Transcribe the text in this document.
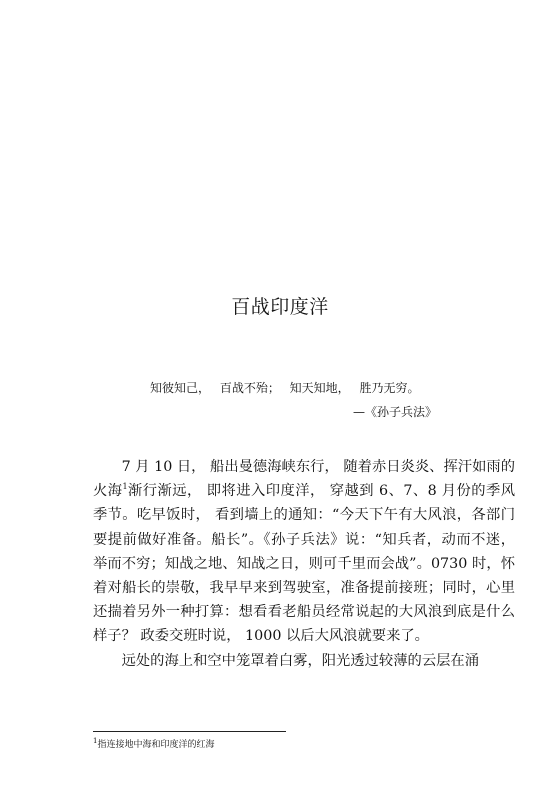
百战印度洋
知彼知己， 百战不殆； 知天知地， 胜乃无穷。
—《孙子兵法》

7 月 10 日， 船出曼德海峡东行， 随着赤日炎炎、挥汗如雨的火海$^1$渐行渐远， 即将进入印度洋， 穿越到 6、7、8 月份的季风季节。吃早饭时， 看到墙上的通知：“今天下午有大风浪，各部门要提前做好准备。船长”。《孙子兵法》说：“知兵者，动而不迷，举而不穷；知战之地、知战之日，则可千里而会战”。0730 时，怀着对船长的崇敬，我早早来到驾驶室，准备提前接班；同时，心里还揣着另外一种打算：想看看老船员经常说起的大风浪到底是什么样子？ 政委交班时说， 1000 以后大风浪就要来了。

远处的海上和空中笼罩着白雾，阳光透过较薄的云层在涌

$^1$指连接地中海和印度洋的红海
